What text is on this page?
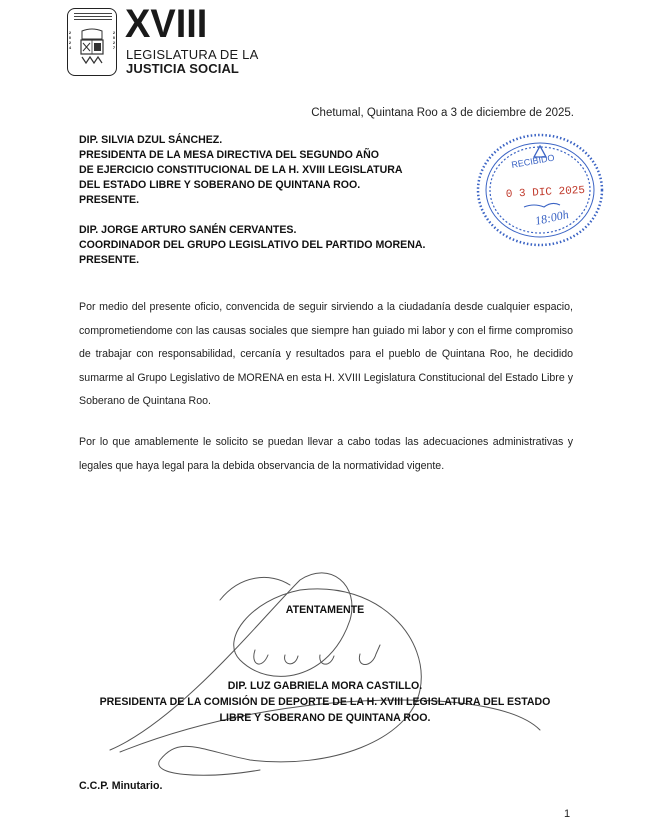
2
0
2
4
2
0
2
7
XVIII
LEGISLATURA DE LA
JUSTICIA SOCIAL
Chetumal, Quintana Roo a 3 de diciembre de 2025.
DIP. SILVIA DZUL SÁNCHEZ.
PRESIDENTA DE LA MESA DIRECTIVA DEL SEGUNDO AÑO
DE EJERCICIO CONSTITUCIONAL DE LA H. XVIII LEGISLATURA
DEL ESTADO LIBRE Y SOBERANO DE QUINTANA ROO.
PRESENTE.
DIP. JORGE ARTURO SANÉN CERVANTES.
COORDINADOR DEL GRUPO LEGISLATIVO DEL PARTIDO MORENA.
PRESENTE.
RECIBIDO
0 3 DIC 2025
18:00h
Por medio del presente oficio, convencida de seguir sirviendo a la ciudadanía desde cualquier espacio, comprometiendome con las causas sociales que siempre han guiado mi labor y con el firme compromiso de trabajar con responsabilidad, cercanía y resultados para el pueblo de Quintana Roo, he decidido sumarme al Grupo Legislativo de MORENA en esta H. XVIII Legislatura Constitucional del Estado Libre y Soberano de Quintana Roo.
Por lo que amablemente le solicito se puedan llevar a cabo todas las adecuaciones administrativas y legales que haya legal para la debida observancia de la normatividad vigente.
ATENTAMENTE
DIP. LUZ GABRIELA MORA CASTILLO.
PRESIDENTA DE LA COMISIÓN DE DEPORTE DE LA H. XVIII LEGISLATURA DEL ESTADO
LIBRE Y SOBERANO DE QUINTANA ROO.
C.C.P. Minutario.
1
